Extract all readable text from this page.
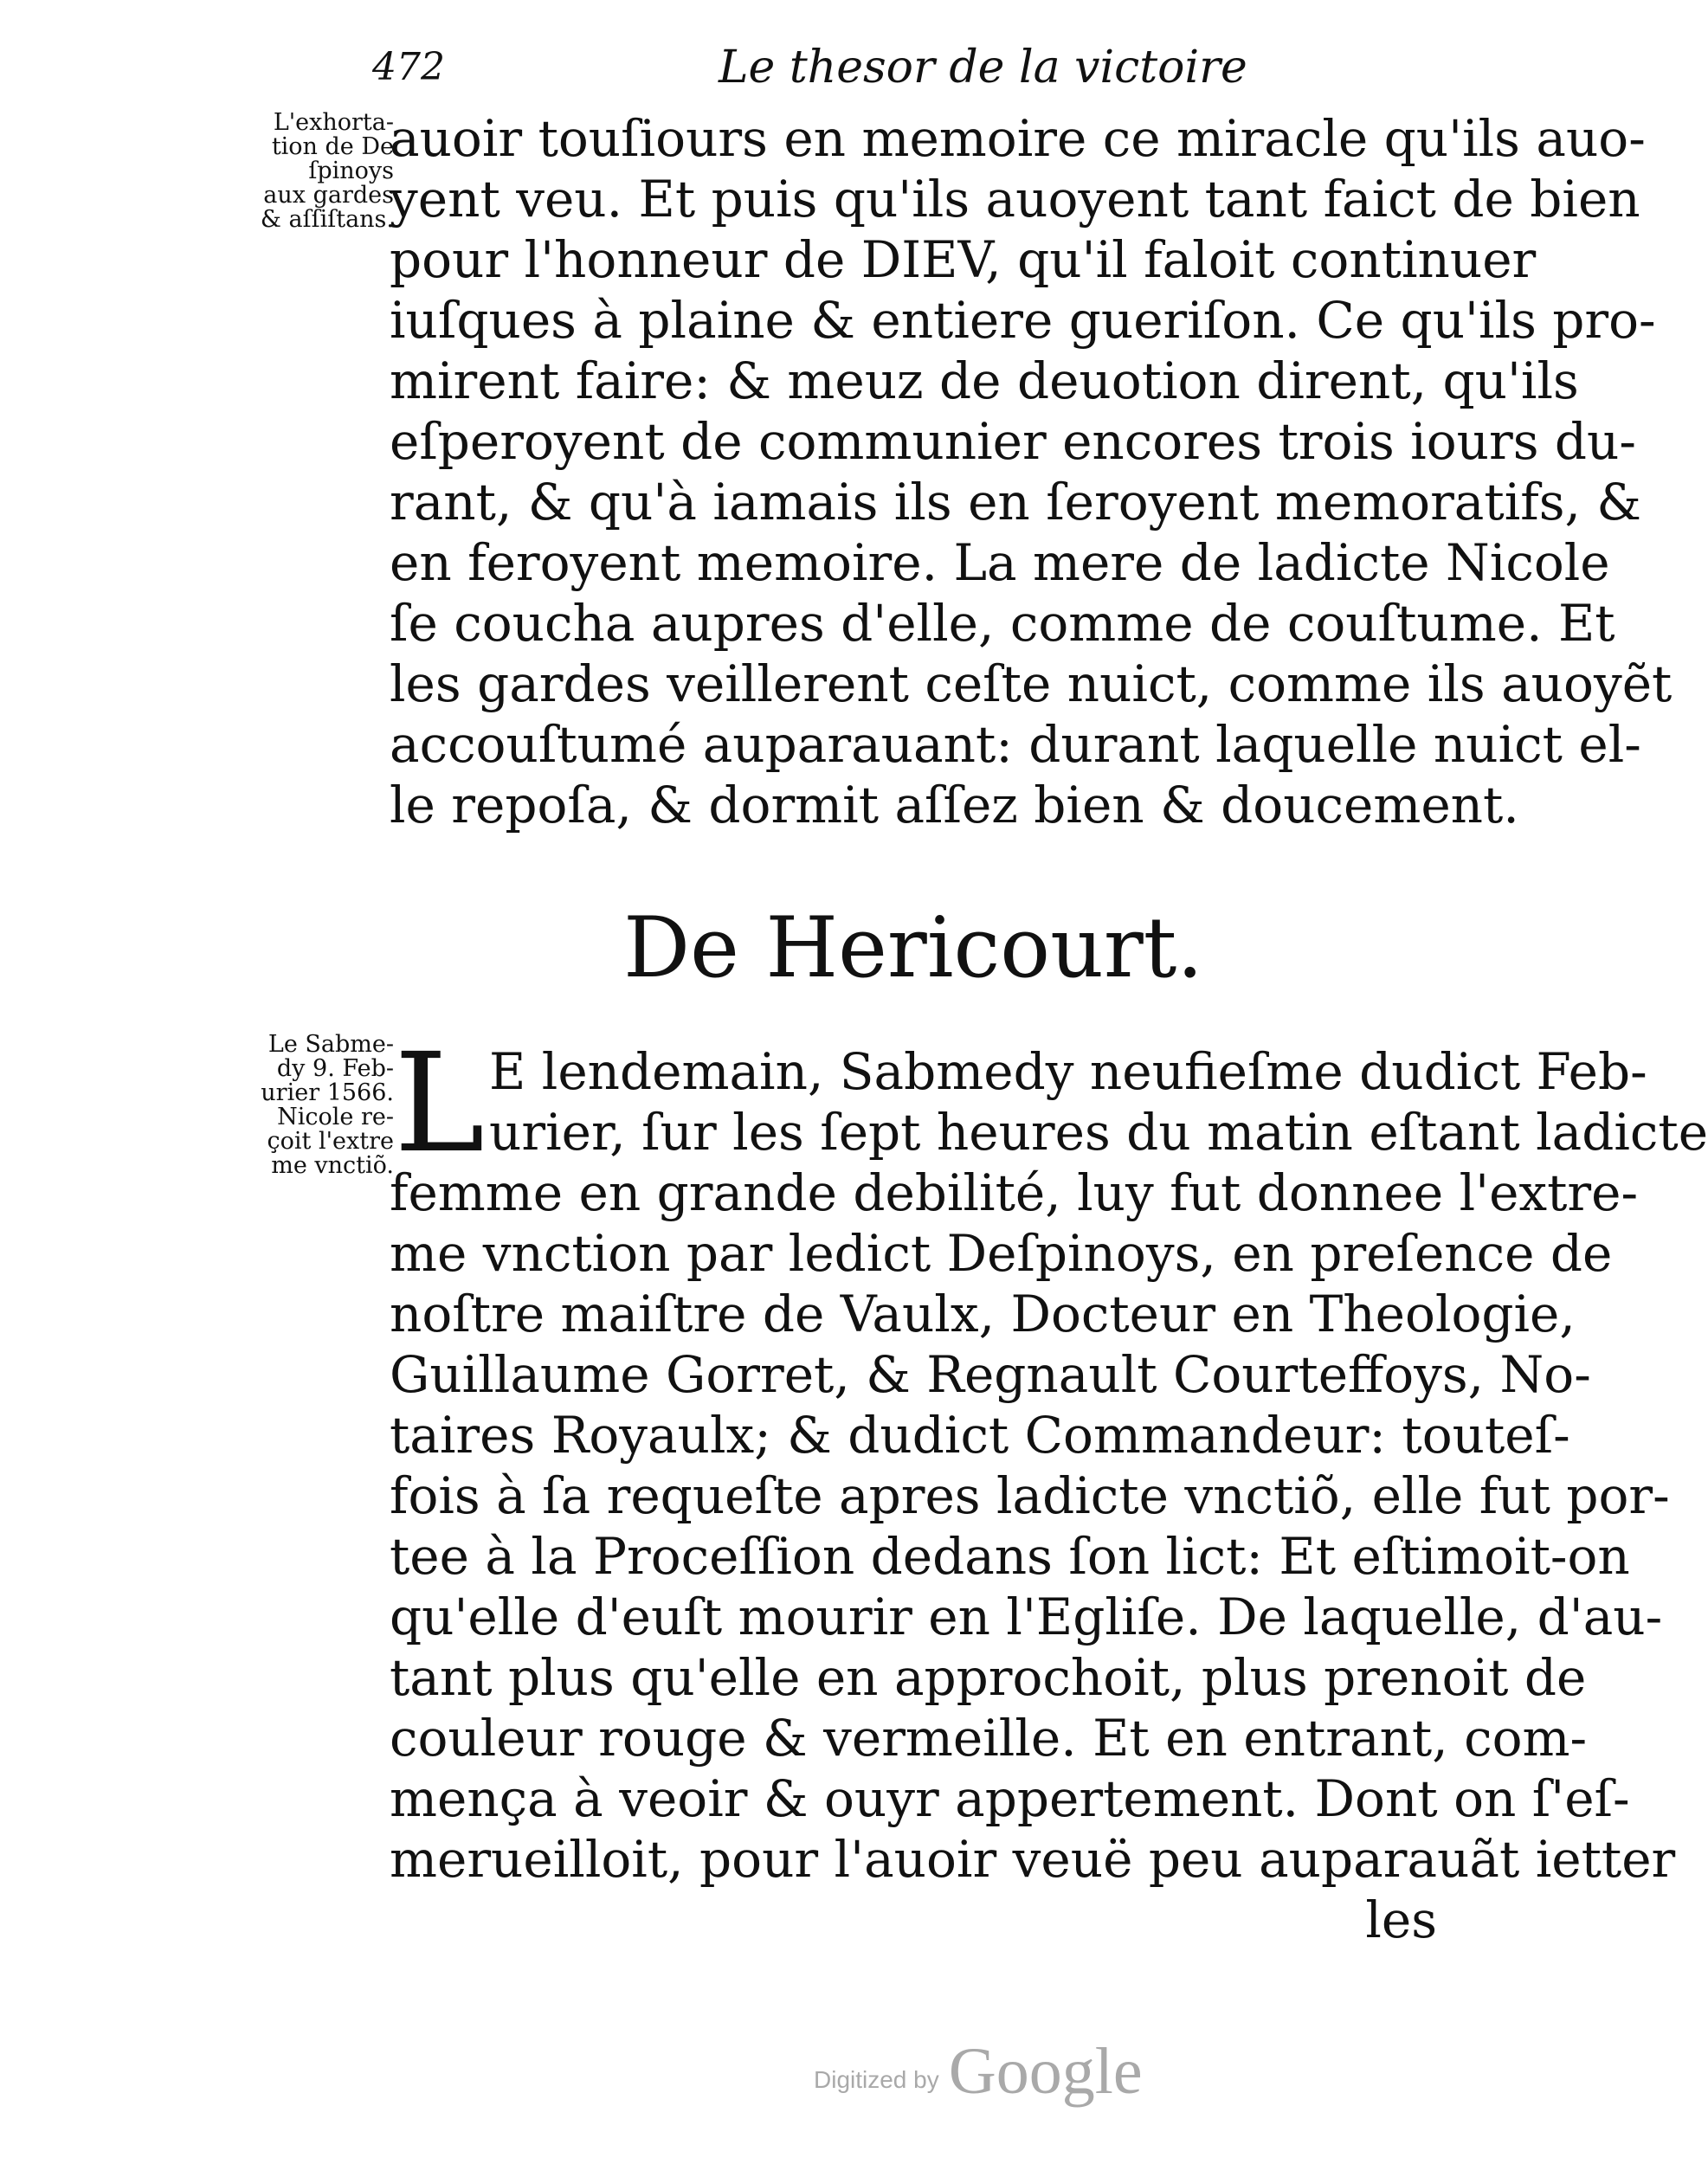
472	Le thesor de la victoire
L'exhorta-
tion de De
ſpinoys
aux gardes
& aſſiſtans.
auoir touſiours en memoire ce miracle qu'ils auo-
yent veu. Et puis qu'ils auoyent tant faict de bien
pour l'honneur de DIEV, qu'il faloit continuer
iuſques à plaine & entiere gueriſon. Ce qu'ils pro-
mirent faire: & meuz de deuotion dirent, qu'ils
eſperoyent de communier encores trois iours du-
rant, & qu'à iamais ils en ſeroyent memoratifs, &
en feroyent memoire. La mere de ladicte Nicole
ſe coucha aupres d'elle, comme de couſtume. Et
les gardes veillerent ceſte nuict, comme ils auoyẽt
accouſtumé auparauant: durant laquelle nuict el-
le repoſa, & dormit aſſez bien & doucement.
De Hericourt.
Le Sabme-
dy 9. Feb-
urier 1566.
Nicole re-
çoit l'extre
me vnctiõ. L E lendemain, Sabmedy neufieſme dudict Feb-
urier, ſur les ſept heures du matin eſtant ladicte
femme en grande debilité, luy fut donnee l'extre-
me vnction par ledict Deſpinoys, en preſence de
noſtre maiſtre de Vaulx, Docteur en Theologie,
Guillaume Gorret, & Regnault Courteffoys, No-
taires Royaulx; & dudict Commandeur: touteſ-
fois à ſa requeſte apres ladicte vnctiõ, elle fut por-
tee à la Proceſſion dedans ſon lict: Et eſtimoit-on
qu'elle d'euſt mourir en l'Egliſe. De laquelle, d'au-
tant plus qu'elle en approchoit, plus prenoit de
couleur rouge & vermeille. Et en entrant, com-
mença à veoir & ouyr appertement. Dont on ſ'eſ-
merueilloit, pour l'auoir veuë peu auparauãt ietter
les
Digitized by Google
